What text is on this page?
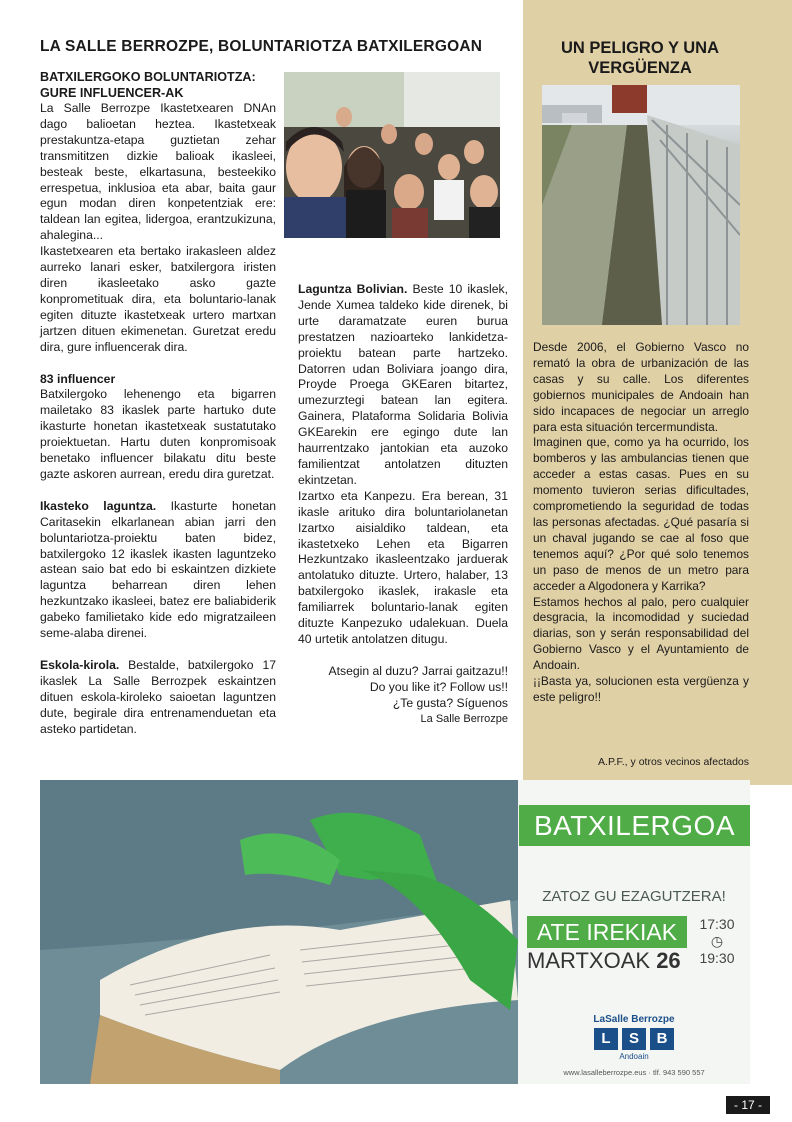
LA SALLE BERROZPE, BOLUNTARIOTZA BATXILERGOAN
BATXILERGOKO BOLUNTARIOTZA: GURE INFLUENCER-AK

La Salle Berrozpe Ikastetxearen DNAn dago balioetan heztea. Ikastetxeak prestakuntza-etapa guztietan zehar transmititzen dizkie balioak ikasleei, besteak beste, elkartasuna, besteekiko errespetua, inklusioa eta abar, baita gaur egun modan diren konpetentziak ere: taldean lan egitea, lidergoa, erantzukizuna, ahalegina...

Ikastetxearen eta bertako irakasleen aldez aurreko lanari esker, batxilergora iristen diren ikasleetako asko gazte konprometituak dira, eta boluntario-lanak egiten dituzte ikastetxeak urtero martxan jartzen dituen ekimenetan. Guretzat eredu dira, gure influencerak dira.

83 influencer

Batxilergoko lehenengo eta bigarren mailetako 83 ikaslek parte hartuko dute ikasturte honetan ikastetxeak sustatutako proiektuetan. Hartu duten konpromisoak benetako influencer bilakatu ditu beste gazte askoren aurrean, eredu dira guretzat.

Ikasteko laguntza. Ikasturte honetan Caritasekin elkarlanean abian jarri den boluntariotza-proiektu baten bidez, batxilergoko 12 ikaslek ikasten laguntzeko astean saio bat edo bi eskaintzen dizkiete laguntza beharrean diren lehen hezkuntzako ikasleei, batez ere baliabiderik gabeko familietako kide edo migratzaileen seme-alaba direnei.

Eskola-kirola. Bestalde, batxilergoko 17 ikaslek La Salle Berrozpek eskaintzen dituen eskola-kiroleko saioetan laguntzen dute, begirale dira entrenamenduetan eta asteko partidetan.

Laguntza Bolivian. Beste 10 ikaslek, Jende Xumea taldeko kide direnek, bi urte daramatzate euren burua prestatzen nazioarteko lankidetza-proiektu batean parte hartzeko. Datorren udan Boliviara joango dira, Proyde Proega GKEaren bitartez, umezurztegi batean lan egitera. Gainera, Plataforma Solidaria Bolivia GKEarekin ere egingo dute lan haurrentzako jantokian eta auzoko familientzat antolatzen dituzten ekintzetan.

Izartxo eta Kanpezu. Era berean, 31 ikasle arituko dira boluntariolanetan Izartxo aisialdiko taldean, eta ikastetxeko Lehen eta Bigarren Hezkuntzako ikasleentzako jarduerak antolatuko dituzte. Urtero, halaber, 13 batxilergoko ikaslek, irakasle eta familiarrek boluntario-lanak egiten dituzte Kanpezuko udalekuan. Duela 40 urtetik antolatzen ditugu.

Atsegin al duzu? Jarrai gaitzazu!!

Do you like it? Follow us!!

¿Te gusta? Síguenos

La Salle Berrozpe

UN PELIGRO Y UNA VERGÜENZA

Desde 2006, el Gobierno Vasco no remató la obra de urbanización de las casas y su calle. Los diferentes gobiernos municipales de Andoain han sido incapaces de negociar un arreglo para esta situación tercermundista.

Imaginen que, como ya ha ocurrido, los bomberos y las ambulancias tienen que acceder a estas casas. Pues en su momento tuvieron serias dificultades, comprometiendo la seguridad de todas las personas afectadas. ¿Qué pasaría si un chaval jugando se cae al foso que tenemos aquí? ¿Por qué solo tenemos un paso de menos de un metro para acceder a Algodonera y Karrika?

Estamos hechos al palo, pero cualquier desgracia, la incomodidad y suciedad diarias, son y serán responsabilidad del Gobierno Vasco y el Ayuntamiento de Andoain.

¡¡Basta ya, solucionen esta vergüenza y este peligro!!

A.P.F., y otros vecinos afectados
BATXILERGOA
ZATOZ GU EZAGUTZERA!
ATE IREKIAK
MARTXOAK 26
17:30
◷
19:30
LaSalle Berrozpe
L	S	B
Andoain
www.lasalleberrozpe.eus · tlf. 943 590 557
- 17 -
